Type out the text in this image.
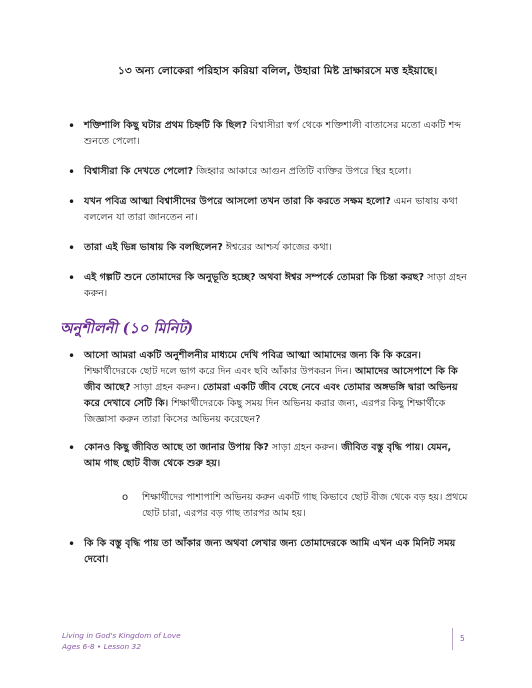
১৩ অন্য লোকেরা পরিহাস করিয়া বলিল, উহারা মিষ্ট দ্রাক্ষারসে মত্ত হইয়াছে।
• শক্তিশালি কিছু ঘটার প্রথম চিহ্নটি কি ছিল? বিশ্বাসীরা স্বর্গ থেকে শক্তিশালী বাতাসের মতো একটি শব্দ শুনতে পেলো।
• বিশ্বাসীরা কি দেখতে পেলো? জিহ্বার আকারে আগুন প্রতিটি ব্যক্তির উপরে স্থির হলো।
• যখন পবিত্র আত্মা বিশ্বাসীদের উপরে আসলো তখন তারা কি করতে সক্ষম হলো? এমন ভাষায় কথা বললেন যা তারা জানতেন না।
• তারা এই ভিন্ন ভাষায় কি বলছিলেন? ঈশ্বরের আশ্চর্য কাজের কথা।
• এই গল্পটি শুনে তোমাদের কি অনুভূতি হচ্ছে? অথবা ঈশ্বর সম্পর্কে তোমরা কি চিন্তা করছ? সাড়া গ্রহন করুন।
অনুশীলনী (১০ মিনিট)
• আসো আমরা একটি অনুশীলনীর মাধ্যমে দেখি পবিত্র আত্মা আমাদের জন্য কি কি করেন। শিক্ষার্থীদেরকে ছোট দলে ভাগ করে দিন এবং ছবি আঁকার উপকরন দিন। আমাদের আসেপাশে কি কি জীব আছে? সাড়া গ্রহন করুন। তোমরা একটি জীব বেছে নেবে এবং তোমার অঙ্গভঙ্গি দ্বারা অভিনয় করে দেখাবে সেটি কি। শিক্ষার্থীদেরকে কিছু সময় দিন অভিনয় করার জন্য, এরপর কিছু শিক্ষার্থীকে জিজ্ঞাসা করুন তারা কিসের অভিনয় করেছেন?
• কোনও কিছু জীবিত আছে তা জানার উপায় কি? সাড়া গ্রহন করুন। জীবিত বস্তু বৃদ্ধি পায়। যেমন, আম গাছ ছোট বীজ থেকে শুরু হয়।
o শিক্ষার্থীদের পাশাপাশি অভিনয় করুন একটি গাছ কিভাবে ছোট বীজ থেকে বড় হয়। প্রথমে ছোট চারা, এরপর বড় গাছ তারপর আম হয়।
• কি কি বস্তু বৃদ্ধি পায় তা আঁকার জন্য অথবা লেখার জন্য তোমাদেরকে আমি এখন এক মিনিট সময় দেবো।
Living in God's Kingdom of Love
Ages 6-8 • Lesson 32
5
